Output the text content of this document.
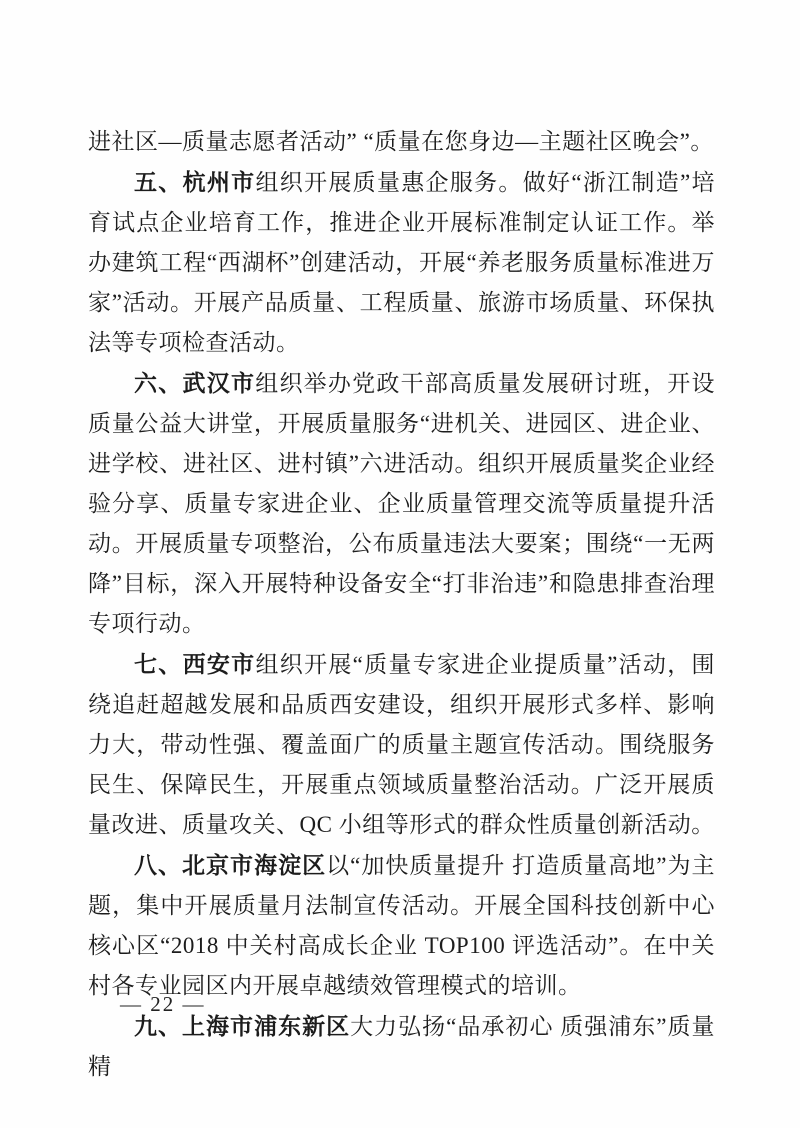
进社区—质量志愿者活动” “质量在您身边—主题社区晚会”。

五、杭州市组织开展质量惠企服务。做好“浙江制造”培育试点企业培育工作，推进企业开展标准制定认证工作。举办建筑工程“西湖杯”创建活动，开展“养老服务质量标准进万家”活动。开展产品质量、工程质量、旅游市场质量、环保执法等专项检查活动。

六、武汉市组织举办党政干部高质量发展研讨班，开设质量公益大讲堂，开展质量服务“进机关、进园区、进企业、进学校、进社区、进村镇”六进活动。组织开展质量奖企业经验分享、质量专家进企业、企业质量管理交流等质量提升活动。开展质量专项整治，公布质量违法大要案；围绕“一无两降”目标，深入开展特种设备安全“打非治违”和隐患排查治理专项行动。

七、西安市组织开展“质量专家进企业提质量”活动，围绕追赶超越发展和品质西安建设，组织开展形式多样、影响力大，带动性强、覆盖面广的质量主题宣传活动。围绕服务民生、保障民生，开展重点领域质量整治活动。广泛开展质量改进、质量攻关、QC 小组等形式的群众性质量创新活动。

八、北京市海淀区以“加快质量提升 打造质量高地”为主题，集中开展质量月法制宣传活动。开展全国科技创新中心核心区“2018 中关村高成长企业 TOP100 评选活动”。在中关村各专业园区内开展卓越绩效管理模式的培训。

九、上海市浦东新区大力弘扬“品承初心 质强浦东”质量精

— 22 —
